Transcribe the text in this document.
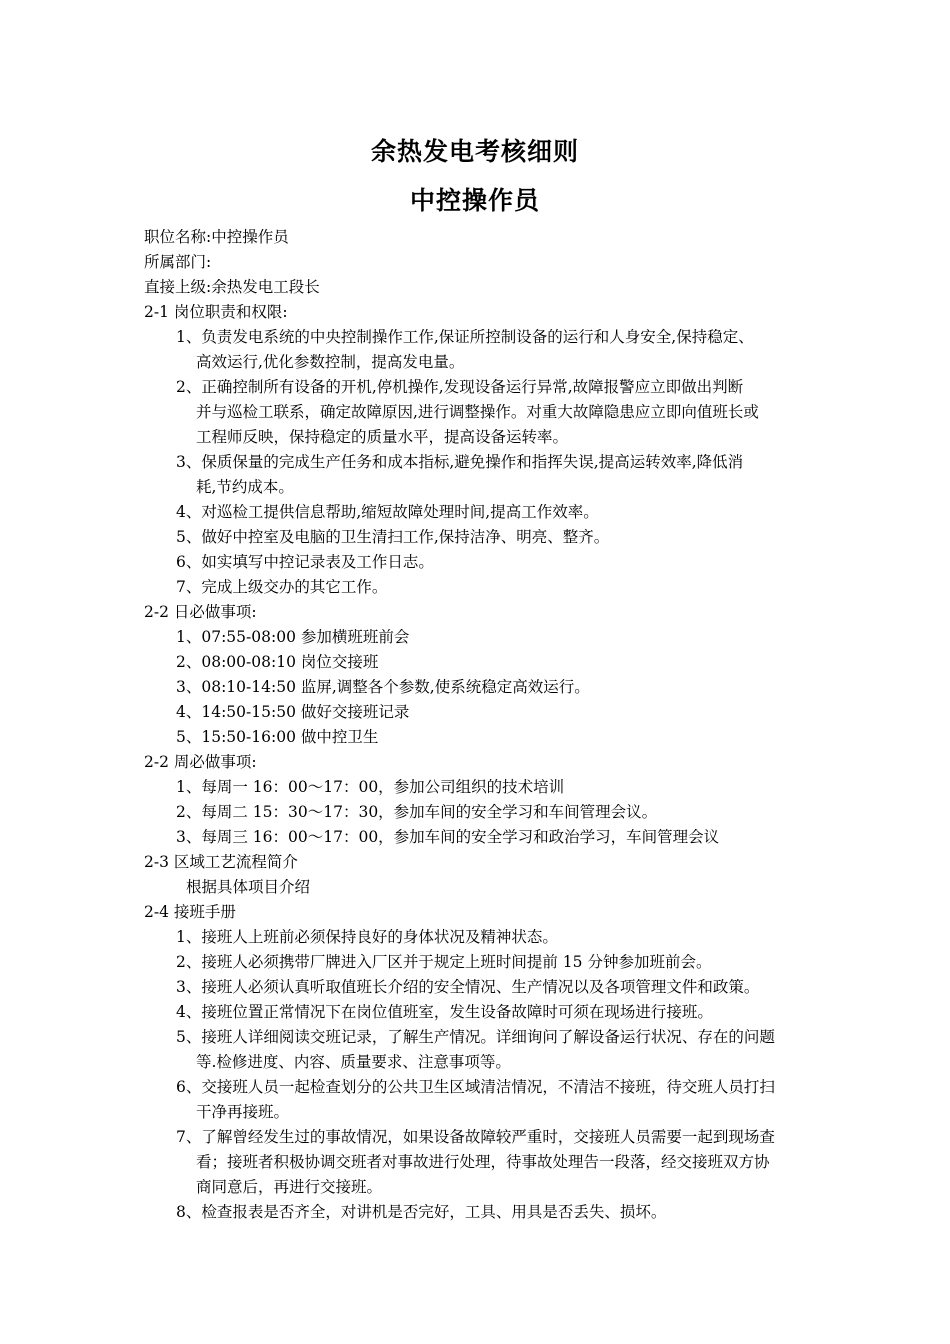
余热发电考核细则
中控操作员
职位名称:中控操作员
所属部门:
直接上级:余热发电工段长
2-1 岗位职责和权限:
1、负责发电系统的中央控制操作工作,保证所控制设备的运行和人身安全,保持稳定、
高效运行,优化参数控制，提高发电量。
2、正确控制所有设备的开机,停机操作,发现设备运行异常,故障报警应立即做出判断
并与巡检工联系，确定故障原因,进行调整操作。对重大故障隐患应立即向值班长或
工程师反映，保持稳定的质量水平，提高设备运转率。
3、保质保量的完成生产任务和成本指标,避免操作和指挥失误,提高运转效率,降低消
耗,节约成本。
4、对巡检工提供信息帮助,缩短故障处理时间,提高工作效率。
5、做好中控室及电脑的卫生清扫工作,保持洁净、明亮、整齐。
6、如实填写中控记录表及工作日志。
7、完成上级交办的其它工作。
2-2 日必做事项:
1、07:55-08:00 参加横班班前会
2、08:00-08:10 岗位交接班
3、08:10-14:50 监屏,调整各个参数,使系统稳定高效运行。
4、14:50-15:50 做好交接班记录
5、15:50-16:00 做中控卫生
2-2 周必做事项:
1、每周一 16：00～17：00，参加公司组织的技术培训
2、每周二 15：30～17：30，参加车间的安全学习和车间管理会议。
3、每周三 16：00～17：00，参加车间的安全学习和政治学习，车间管理会议
2-3 区域工艺流程简介
根据具体项目介绍
2-4 接班手册
1、接班人上班前必须保持良好的身体状况及精神状态。
2、接班人必须携带厂牌进入厂区并于规定上班时间提前 15 分钟参加班前会。
3、接班人必须认真听取值班长介绍的安全情况、生产情况以及各项管理文件和政策。
4、接班位置正常情况下在岗位值班室，发生设备故障时可须在现场进行接班。
5、接班人详细阅读交班记录，了解生产情况。详细询问了解设备运行状况、存在的问题
等.检修进度、内容、质量要求、注意事项等。
6、交接班人员一起检查划分的公共卫生区域清洁情况，不清洁不接班，待交班人员打扫
干净再接班。
7、了解曾经发生过的事故情况，如果设备故障较严重时，交接班人员需要一起到现场查
看；接班者积极协调交班者对事故进行处理，待事故处理告一段落，经交接班双方协
商同意后，再进行交接班。
8、检查报表是否齐全，对讲机是否完好，工具、用具是否丢失、损坏。
